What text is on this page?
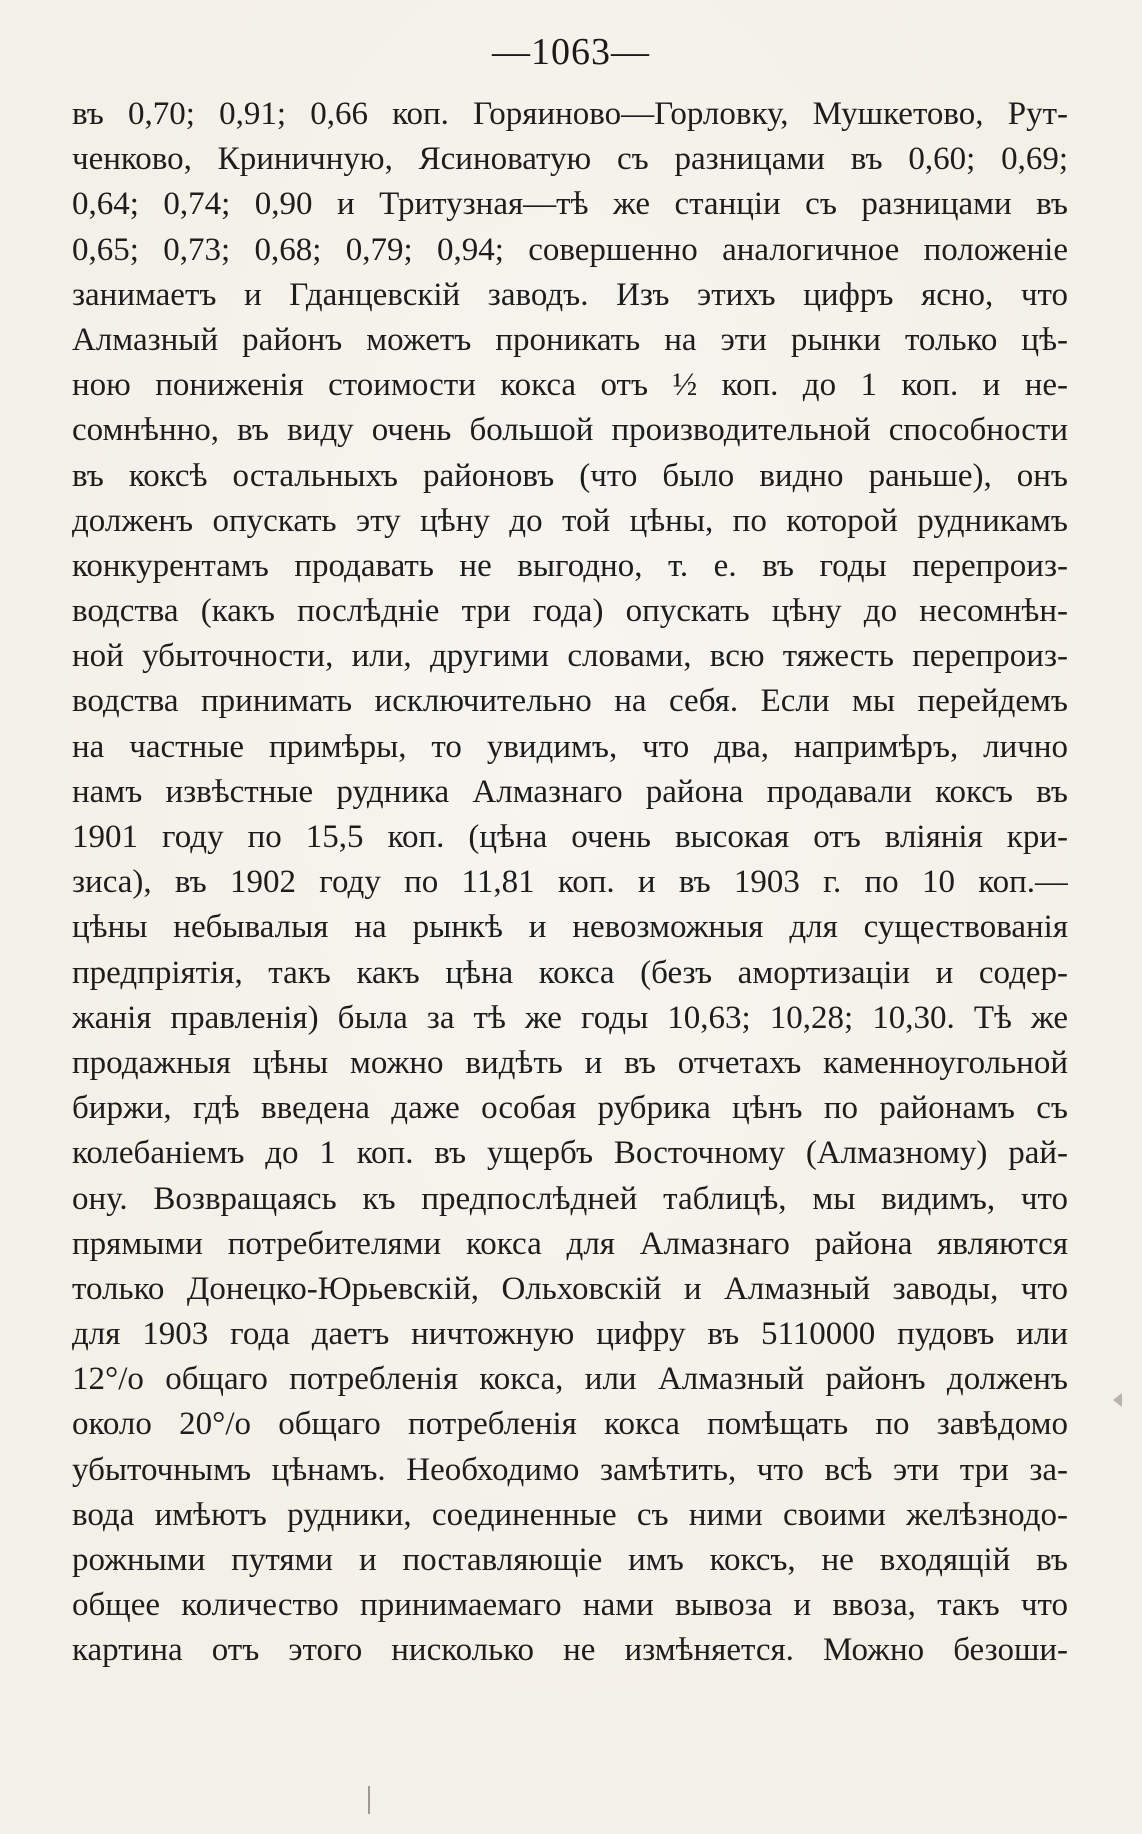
—1063—
въ 0,70; 0,91; 0,66 коп. Горяиново—Горловку, Мушкетово, Рут-
ченково, Криничную, Ясиноватую съ разницами въ 0,60; 0,69;
0,64; 0,74; 0,90 и Тритузная—тѣ же станціи съ разницами въ
0,65; 0,73; 0,68; 0,79; 0,94; совершенно аналогичное положеніе
занимаетъ и Гданцевскій заводъ. Изъ этихъ цифръ ясно, что
Алмазный районъ можетъ проникать на эти рынки только цѣ-
ною пониженія стоимости кокса отъ ½ коп. до 1 коп. и не-
сомнѣнно, въ виду очень большой производительной способности
въ коксѣ остальныхъ районовъ (что было видно раньше), онъ
долженъ опускать эту цѣну до той цѣны, по которой рудникамъ
конкурентамъ продавать не выгодно, т. е. въ годы перепроиз-
водства (какъ послѣдніе три года) опускать цѣну до несомнѣн-
ной убыточности, или, другими словами, всю тяжесть перепроиз-
водства принимать исключительно на себя. Если мы перейдемъ
на частные примѣры, то увидимъ, что два, напримѣръ, лично
намъ извѣстные рудника Алмазнаго района продавали коксъ въ
1901 году по 15,5 коп. (цѣна очень высокая отъ вліянія кри-
зиса), въ 1902 году по 11,81 коп. и въ 1903 г. по 10 коп.—
цѣны небывалыя на рынкѣ и невозможныя для существованія
предпріятія, такъ какъ цѣна кокса (безъ амортизаціи и содер-
жанія правленія) была за тѣ же годы 10,63; 10,28; 10,30. Тѣ же
продажныя цѣны можно видѣть и въ отчетахъ каменноугольной
биржи, гдѣ введена даже особая рубрика цѣнъ по районамъ съ
колебаніемъ до 1 коп. въ ущербъ Восточному (Алмазному) рай-
ону. Возвращаясь къ предпослѣдней таблицѣ, мы видимъ, что
прямыми потребителями кокса для Алмазнаго района являются
только Донецко-Юрьевскій, Ольховскій и Алмазный заводы, что
для 1903 года даетъ ничтожную цифру въ 5110000 пудовъ или
12°/о общаго потребленія кокса, или Алмазный районъ долженъ
около 20°/о общаго потребленія кокса помѣщать по завѣдомо
убыточнымъ цѣнамъ. Необходимо замѣтить, что всѣ эти три за-
вода имѣютъ рудники, соединенные съ ними своими желѣзнодо-
рожными путями и поставляющіе имъ коксъ, не входящій въ
общее количество принимаемаго нами вывоза и ввоза, такъ что
картина отъ этого нисколько не измѣняется. Можно безоши-
